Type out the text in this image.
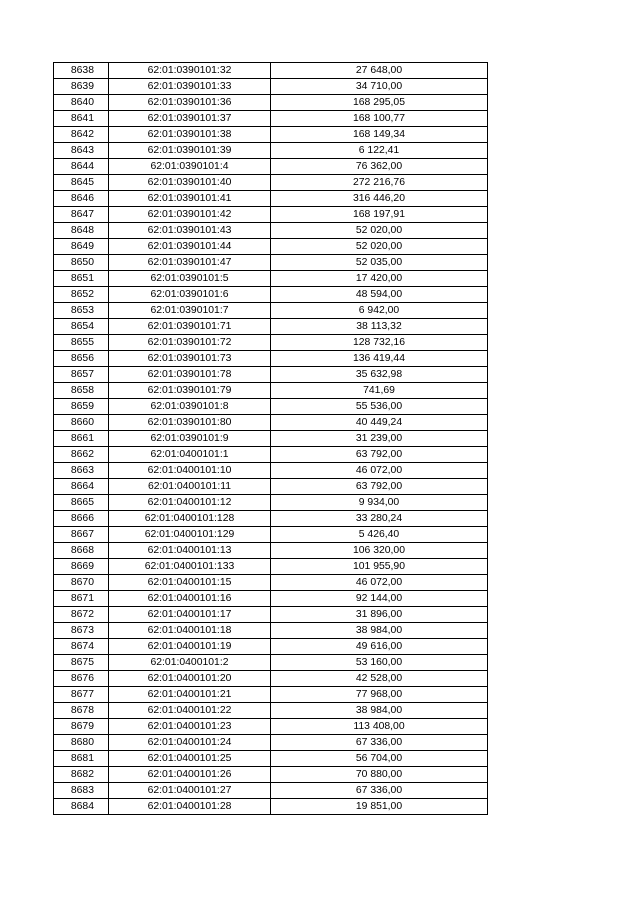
8638	62:01:0390101:32	27 648,00
8639	62:01:0390101:33	34 710,00
8640	62:01:0390101:36	168 295,05
8641	62:01:0390101:37	168 100,77
8642	62:01:0390101:38	168 149,34
8643	62:01:0390101:39	6 122,41
8644	62:01:0390101:4	76 362,00
8645	62:01:0390101:40	272 216,76
8646	62:01:0390101:41	316 446,20
8647	62:01:0390101:42	168 197,91
8648	62:01:0390101:43	52 020,00
8649	62:01:0390101:44	52 020,00
8650	62:01:0390101:47	52 035,00
8651	62:01:0390101:5	17 420,00
8652	62:01:0390101:6	48 594,00
8653	62:01:0390101:7	6 942,00
8654	62:01:0390101:71	38 113,32
8655	62:01:0390101:72	128 732,16
8656	62:01:0390101:73	136 419,44
8657	62:01:0390101:78	35 632,98
8658	62:01:0390101:79	741,69
8659	62:01:0390101:8	55 536,00
8660	62:01:0390101:80	40 449,24
8661	62:01:0390101:9	31 239,00
8662	62:01:0400101:1	63 792,00
8663	62:01:0400101:10	46 072,00
8664	62:01:0400101:11	63 792,00
8665	62:01:0400101:12	9 934,00
8666	62:01:0400101:128	33 280,24
8667	62:01:0400101:129	5 426,40
8668	62:01:0400101:13	106 320,00
8669	62:01:0400101:133	101 955,90
8670	62:01:0400101:15	46 072,00
8671	62:01:0400101:16	92 144,00
8672	62:01:0400101:17	31 896,00
8673	62:01:0400101:18	38 984,00
8674	62:01:0400101:19	49 616,00
8675	62:01:0400101:2	53 160,00
8676	62:01:0400101:20	42 528,00
8677	62:01:0400101:21	77 968,00
8678	62:01:0400101:22	38 984,00
8679	62:01:0400101:23	113 408,00
8680	62:01:0400101:24	67 336,00
8681	62:01:0400101:25	56 704,00
8682	62:01:0400101:26	70 880,00
8683	62:01:0400101:27	67 336,00
8684	62:01:0400101:28	19 851,00
